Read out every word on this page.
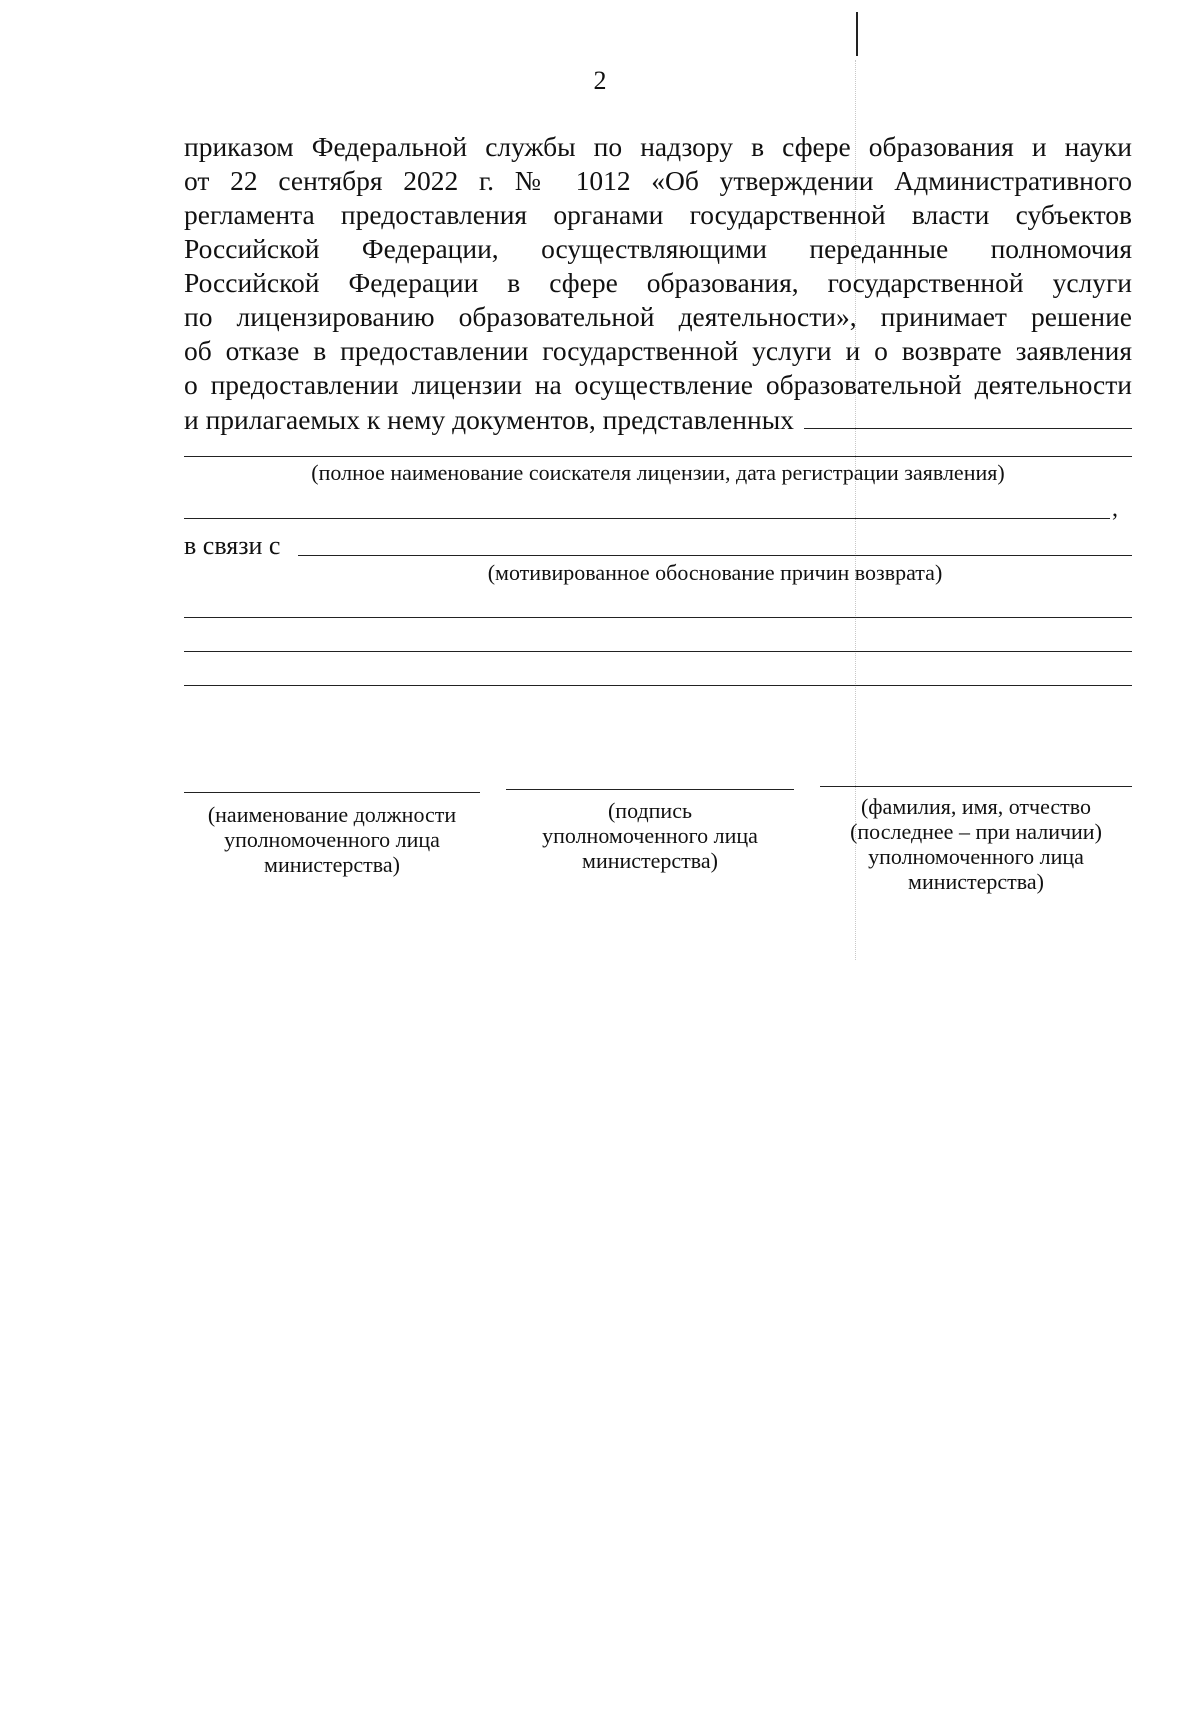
2
приказом Федеральной службы по надзору в сфере образования и науки
от 22 сентября 2022 г. № 1012 «Об утверждении Административного
регламента предоставления органами государственной власти субъектов
Российской Федерации, осуществляющими переданные полномочия
Российской Федерации в сфере образования, государственной услуги
по лицензированию образовательной деятельности», принимает решение
об отказе в предоставлении государственной услуги и о возврате заявления
о предоставлении лицензии на осуществление образовательной деятельности
и прилагаемых к нему документов, представленных
(полное наименование соискателя лицензии, дата регистрации заявления)
,
в связи с
(мотивированное обоснование причин возврата)
(наименование должности
уполномоченного лица
министерства)
(подпись
уполномоченного лица
министерства)
(фамилия, имя, отчество
(последнее – при наличии)
уполномоченного лица
министерства)
